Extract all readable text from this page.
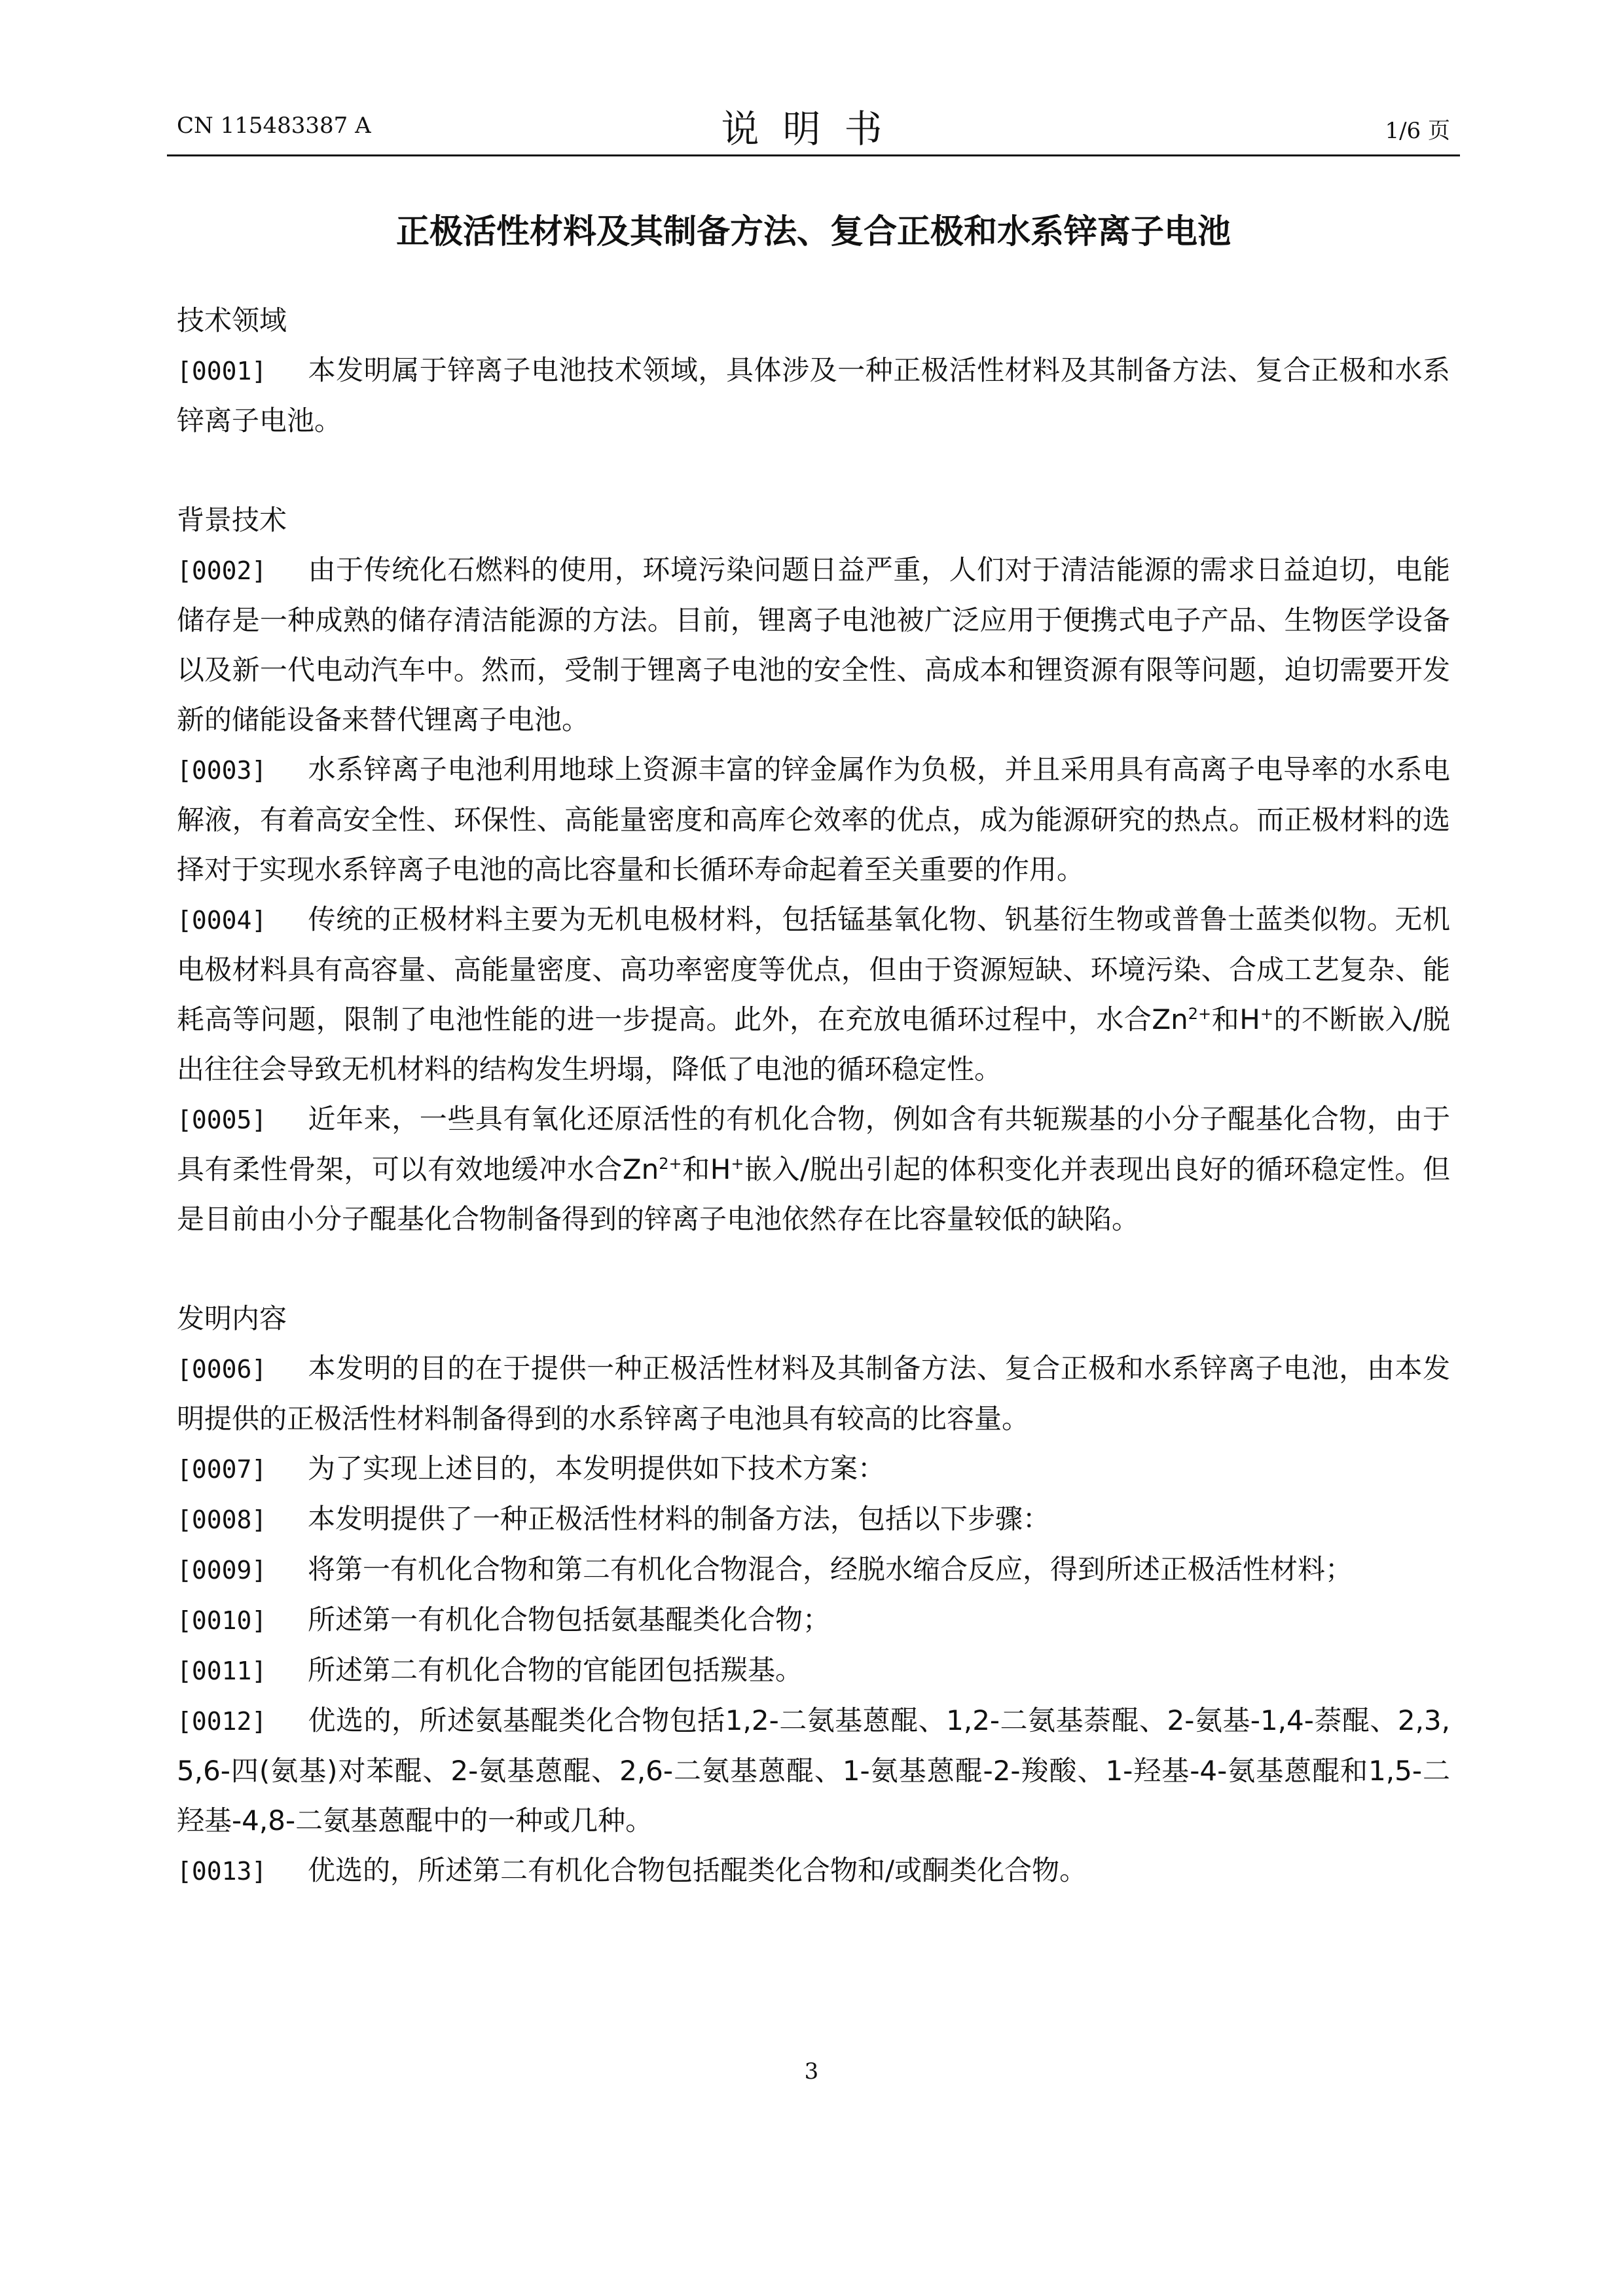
CN 115483387 A	说明书	1/6 页
正极活性材料及其制备方法、复合正极和水系锌离子电池
技术领域

[0001] 本发明属于锌离子电池技术领域，具体涉及一种正极活性材料及其制备方法、复合正极和水系锌离子电池。

背景技术

[0002] 由于传统化石燃料的使用，环境污染问题日益严重，人们对于清洁能源的需求日益迫切，电能储存是一种成熟的储存清洁能源的方法。目前，锂离子电池被广泛应用于便携式电子产品、生物医学设备以及新一代电动汽车中。然而，受制于锂离子电池的安全性、高成本和锂资源有限等问题，迫切需要开发新的储能设备来替代锂离子电池。

[0003] 水系锌离子电池利用地球上资源丰富的锌金属作为负极，并且采用具有高离子电导率的水系电解液，有着高安全性、环保性、高能量密度和高库仑效率的优点，成为能源研究的热点。而正极材料的选择对于实现水系锌离子电池的高比容量和长循环寿命起着至关重要的作用。

[0004] 传统的正极材料主要为无机电极材料，包括锰基氧化物、钒基衍生物或普鲁士蓝类似物。无机电极材料具有高容量、高能量密度、高功率密度等优点，但由于资源短缺、环境污染、合成工艺复杂、能耗高等问题，限制了电池性能的进一步提高。此外，在充放电循环过程中，水合$Zn^{2+}$和H+的不断嵌入/脱出往往会导致无机材料的结构发生坍塌，降低了电池的循环稳定性。

[0005] 近年来，一些具有氧化还原活性的有机化合物，例如含有共轭羰基的小分子醌基化合物，由于具有柔性骨架，可以有效地缓冲水合$Zn^{2+}$和H+嵌入/脱出引起的体积变化并表现出良好的循环稳定性。但是目前由小分子醌基化合物制备得到的锌离子电池依然存在比容量较低的缺陷。

发明内容

[0006] 本发明的目的在于提供一种正极活性材料及其制备方法、复合正极和水系锌离子电池，由本发明提供的正极活性材料制备得到的水系锌离子电池具有较高的比容量。

[0007] 为了实现上述目的，本发明提供如下技术方案：

[0008] 本发明提供了一种正极活性材料的制备方法，包括以下步骤：

[0009] 将第一有机化合物和第二有机化合物混合，经脱水缩合反应，得到所述正极活性材料；

[0010] 所述第一有机化合物包括氨基醌类化合物；

[0011] 所述第二有机化合物的官能团包括羰基。

[0012] 优选的，所述氨基醌类化合物包括1,2-二氨基蒽醌、1,2-二氨基萘醌、2-氨基-1,4-萘醌、2,3,5,6-四(氨基)对苯醌、2-氨基蒽醌、2,6-二氨基蒽醌、1-氨基蒽醌-2-羧酸、1-羟基-4-氨基蒽醌和1,5-二羟基-4,8-二氨基蒽醌中的一种或几种。

[0013] 优选的，所述第二有机化合物包括醌类化合物和/或酮类化合物。

3
